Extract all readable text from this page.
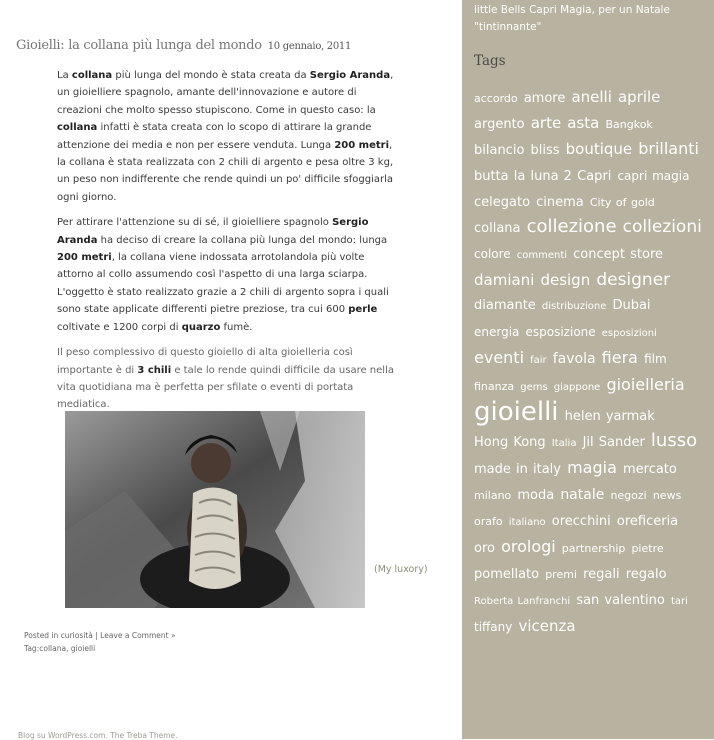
Gioielli: la collana più lunga del mondo 10 gennaio, 2011

La collana più lunga del mondo è stata creata da Sergio Aranda, un gioielliere spagnolo, amante dell'innovazione e autore di creazioni che molto spesso stupiscono. Come in questo caso: la collana infatti è stata creata con lo scopo di attirare la grande attenzione dei media e non per essere venduta. Lunga 200 metri, la collana è stata realizzata con 2 chili di argento e pesa oltre 3 kg, un peso non indifferente che rende quindi un po' difficile sfoggiarla ogni giorno.

Per attirare l'attenzione su di sé, il gioielliere spagnolo Sergio Aranda ha deciso di creare la collana più lunga del mondo: lunga 200 metri, la collana viene indossata arrotolandola più volte attorno al collo assumendo così l'aspetto di una larga sciarpa. L'oggetto è stato realizzato grazie a 2 chili di argento sopra i quali sono state applicate differenti pietre preziose, tra cui 600 perle coltivate e 1200 corpi di quarzo fumè.

Il peso complessivo di questo gioiello di alta gioielleria così importante è di 3 chili e tale lo rende quindi difficile da usare nella vita quotidiana ma è perfetta per sfilate o eventi di portata mediatica.

(My luxory)
Posted in curiosità | Leave a Comment »
Tag:collana, gioielli
Blog su WordPress.com. The Treba Theme.
little Bells Capri Magia, per un Natale "tintinnante"
Tags
accordo amore anelli aprile argento arte asta Bangkok bilancio bliss boutique brillanti butta la luna 2 Capri capri magia celegato cinema City of gold collana collezione collezioni colore commenti concept store damiani design designer diamante distribuzione Dubai energia esposizione esposizioni eventi fair favola fiera film finanza gems giappone gioielleria gioielli helen yarmak Hong Kong Italia Jil Sander lusso made in italy magia mercato milano moda natale negozi news orafo italiano orecchini oreficeria oro orologi partnership pietre pomellato premi regali regalo Roberta Lanfranchi san valentino tari tiffany vicenza
